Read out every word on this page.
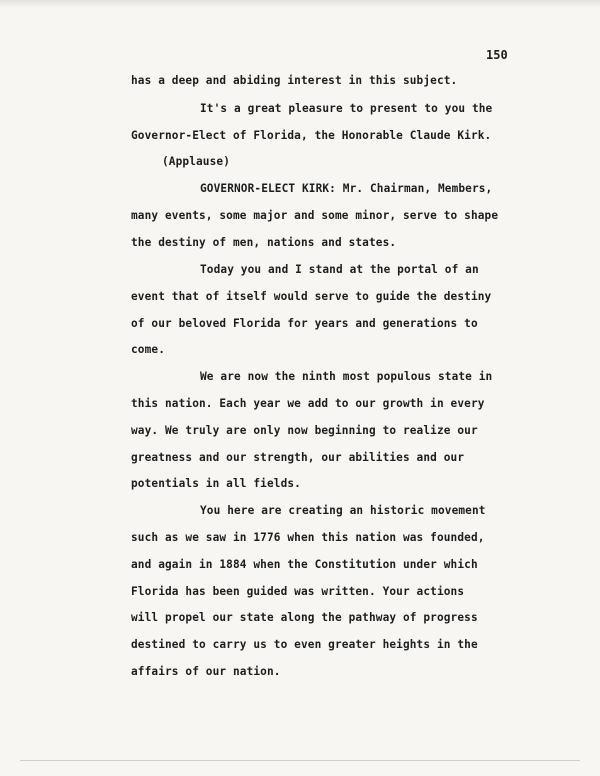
150
has a deep and abiding interest in this subject.
It's a great pleasure to present to you the
Governor-Elect of Florida, the Honorable Claude Kirk.
(Applause)
GOVERNOR-ELECT KIRK: Mr. Chairman, Members,
many events, some major and some minor, serve to shape
the destiny of men, nations and states.
Today you and I stand at the portal of an
event that of itself would serve to guide the destiny
of our beloved Florida for years and generations to
come.
We are now the ninth most populous state in
this nation. Each year we add to our growth in every
way. We truly are only now beginning to realize our
greatness and our strength, our abilities and our
potentials in all fields.
You here are creating an historic movement
such as we saw in 1776 when this nation was founded,
and again in 1884 when the Constitution under which
Florida has been guided was written. Your actions
will propel our state along the pathway of progress
destined to carry us to even greater heights in the
affairs of our nation.
